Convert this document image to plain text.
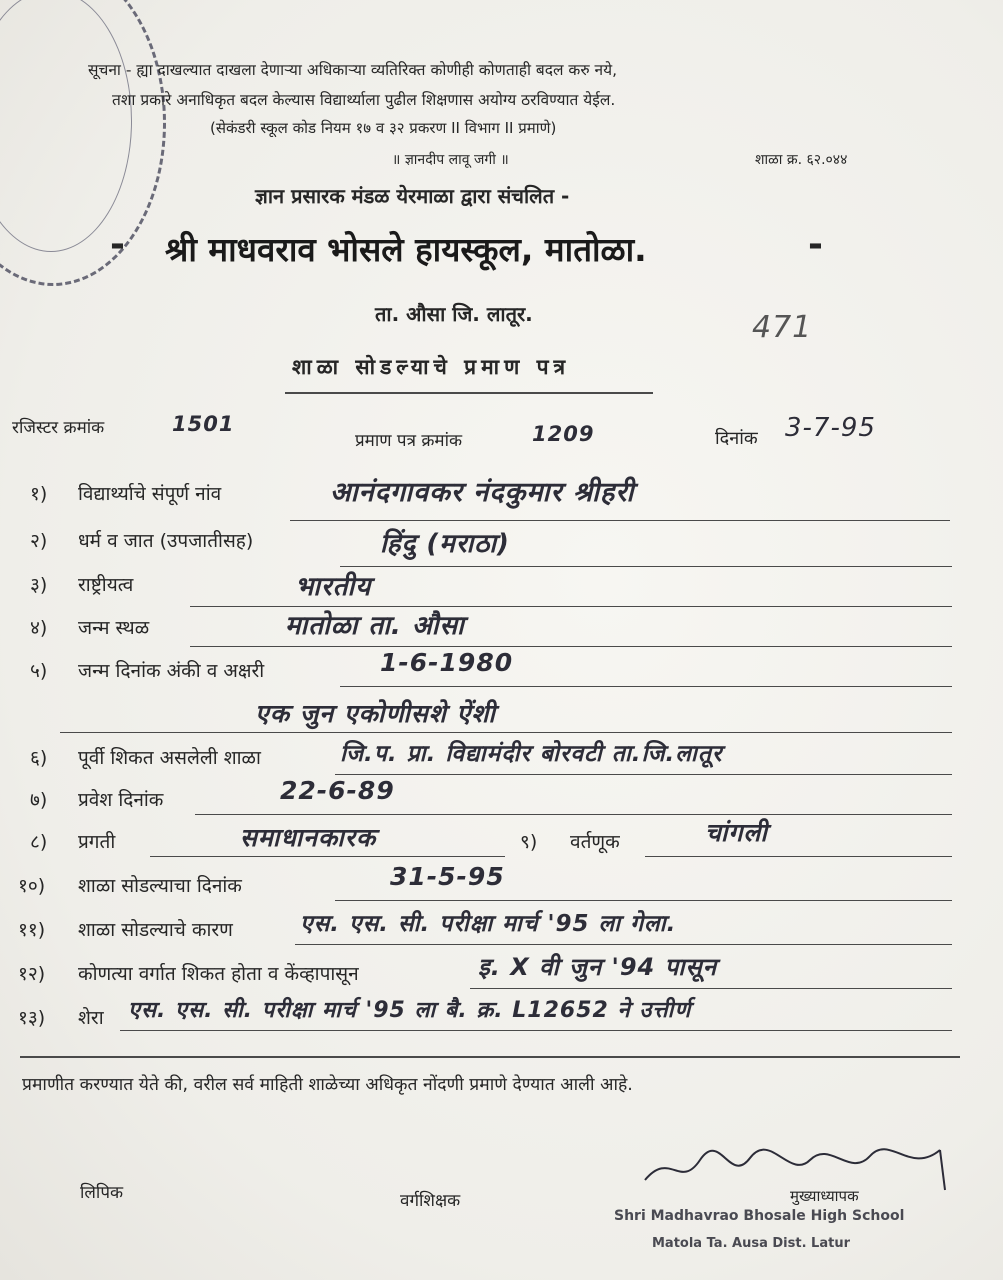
सूचना - ह्या दाखल्यात दाखला देणाऱ्या अधिकाऱ्या व्यतिरिक्त कोणीही कोणताही बदल करु नये,
तशा प्रकारे अनाधिकृत बदल केल्यास विद्यार्थ्याला पुढील शिक्षणास अयोग्य ठरविण्यात येईल.
(सेकंडरी स्कूल कोड नियम १७ व ३२ प्रकरण II विभाग II प्रमाणे)
॥ ज्ञानदीप लावू जगी ॥	शाळा क्र. ६२.०४४
ज्ञान प्रसारक मंडळ येरमाळा द्वारा संचलित -
- श्री माधवराव भोसले हायस्कूल, मातोळा.	-
ता. औसा जि. लातूर.	471
शाळा सोडल्याचे प्रमाण पत्र
रजिस्टर क्रमांक	1501
प्रमाण पत्र क्रमांक	1209	दिनांक 3-7-95
१) विद्यार्थ्याचे संपूर्ण नांव	आनंदगावकर नंदकुमार श्रीहरी
२) धर्म व जात (उपजातीसह)	हिंदु (मराठा)
३) राष्ट्रीयत्व	भारतीय
४) जन्म स्थळ	मातोळा ता. औसा
५) जन्म दिनांक अंकी व अक्षरी	1-6-1980
एक जुन एकोणीसशे ऐंशी
६) पूर्वी शिकत असलेली शाळा	जि.प. प्रा. विद्यामंदीर बोरवटी ता.जि.लातूर
७) प्रवेश दिनांक	22-6-89
८) प्रगती	समाधानकारक	९) वर्तणूक	चांगली
१०) शाळा सोडल्याचा दिनांक	31-5-95
११) शाळा सोडल्याचे कारण	एस. एस. सी. परीक्षा मार्च '95 ला गेला.
१२) कोणत्या वर्गात शिकत होता व केंव्हापासून	इ. X वी जुन '94 पासून
१३) शेरा एस. एस. सी. परीक्षा मार्च '95 ला बै. क्र. L12652 ने उत्तीर्ण
प्रमाणीत करण्यात येते की, वरील सर्व माहिती शाळेच्या अधिकृत नोंदणी प्रमाणे देण्यात आली आहे.
लिपिक	वर्गशिक्षक	मुख्याध्यापक
Shri Madhavrao Bhosale High School
Matola Ta. Ausa Dist. Latur
